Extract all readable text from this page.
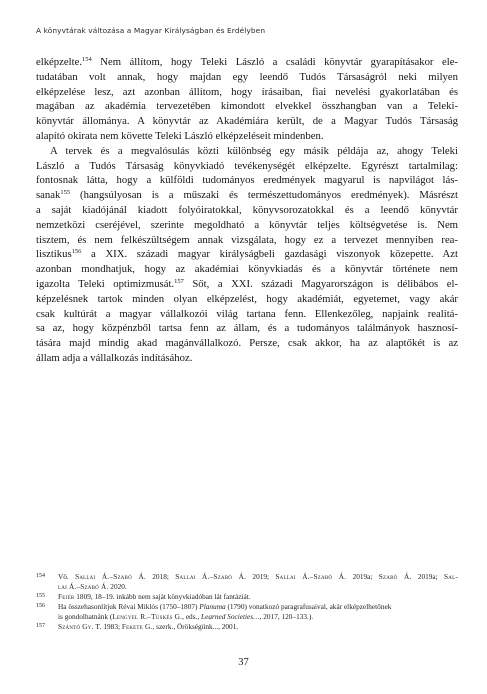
A könyvtárak változása a Magyar Királyságban és Erdélyben
elképzelte.$^{154}$ Nem állítom, hogy Teleki László a családi könyvtár gyarapításakor ele-
tudatában volt annak, hogy majdan egy leendő Tudós Társaságról neki milyen
elképzelése lesz, azt azonban állítom, hogy írásaiban, fiai nevelési gyakorlatában és
magában az akadémia tervezetében kimondott elvekkel összhangban van a Teleki-
könyvtár állománya. A könyvtár az Akadémiára került, de a Magyar Tudós Társaság
alapító okirata nem követte Teleki László elképzeléseit mindenben.
A tervek és a megvalósulás közti különbség egy másik példája az, ahogy Teleki
László a Tudós Társaság könyvkiadó tevékenységét elképzelte. Egyrészt tartalmilag:
fontosnak látta, hogy a külföldi tudományos eredmények magyarul is napvilágot lás-
sanak$^{155}$ (hangsúlyosan is a műszaki és természettudományos eredmények). Másrészt
a saját kiadójánál kiadott folyóiratokkal, könyvsorozatokkal és a leendő könyvtár
nemzetközi cseréjével, szerinte megoldható a könyvtár teljes költségvetése is. Nem
tisztem, és nem felkészültségem annak vizsgálata, hogy ez a tervezet mennyiben rea-
lisztikus$^{156}$ a XIX. századi magyar királyságbeli gazdasági viszonyok közepette. Azt
azonban mondhatjuk, hogy az akadémiai könyvkiadás és a könyvtár története nem
igazolta Teleki optimizmusát.$^{157}$ Sőt, a XXI. századi Magyarországon is délibábos el-
képzelésnek tartok minden olyan elképzelést, hogy akadémiát, egyetemet, vagy akár
csak kultúrát a magyar vállalkozói világ tartana fenn. Ellenkezőleg, napjaink realitá-
sa az, hogy közpénzből tartsa fenn az állam, és a tudományos találmányok hasznosí-
tására majd mindig akad magánvállalkozó. Persze, csak akkor, ha az alaptőkét is az
állam adja a vállalkozás indításához.
154 Vö. Sallai Á.–Szabó Á. 2018; Sallai Á.–Szabó Á. 2019; Sallai Á.–Szabó Á. 2019a; Szabó Á. 2019a; Sal-
lai Á.–Szabó Á. 2020.
155 Fejér 1809, 18–19. inkább nem saját könyvkiadóban lát fantáziát.
156 Ha összehasonlítjuk Révai Miklós (1750–1807) Planuma (1790) vonatkozó paragrafusaival, akár elképzelhetőnek
is gondolhatnánk (Lengyel R.–Tüskés G., eds., Learned Societies…, 2017, 120–133.).
157 Szántó Gy. T. 1983; Fekete G., szerk., Örökségünk..., 2001.
37
